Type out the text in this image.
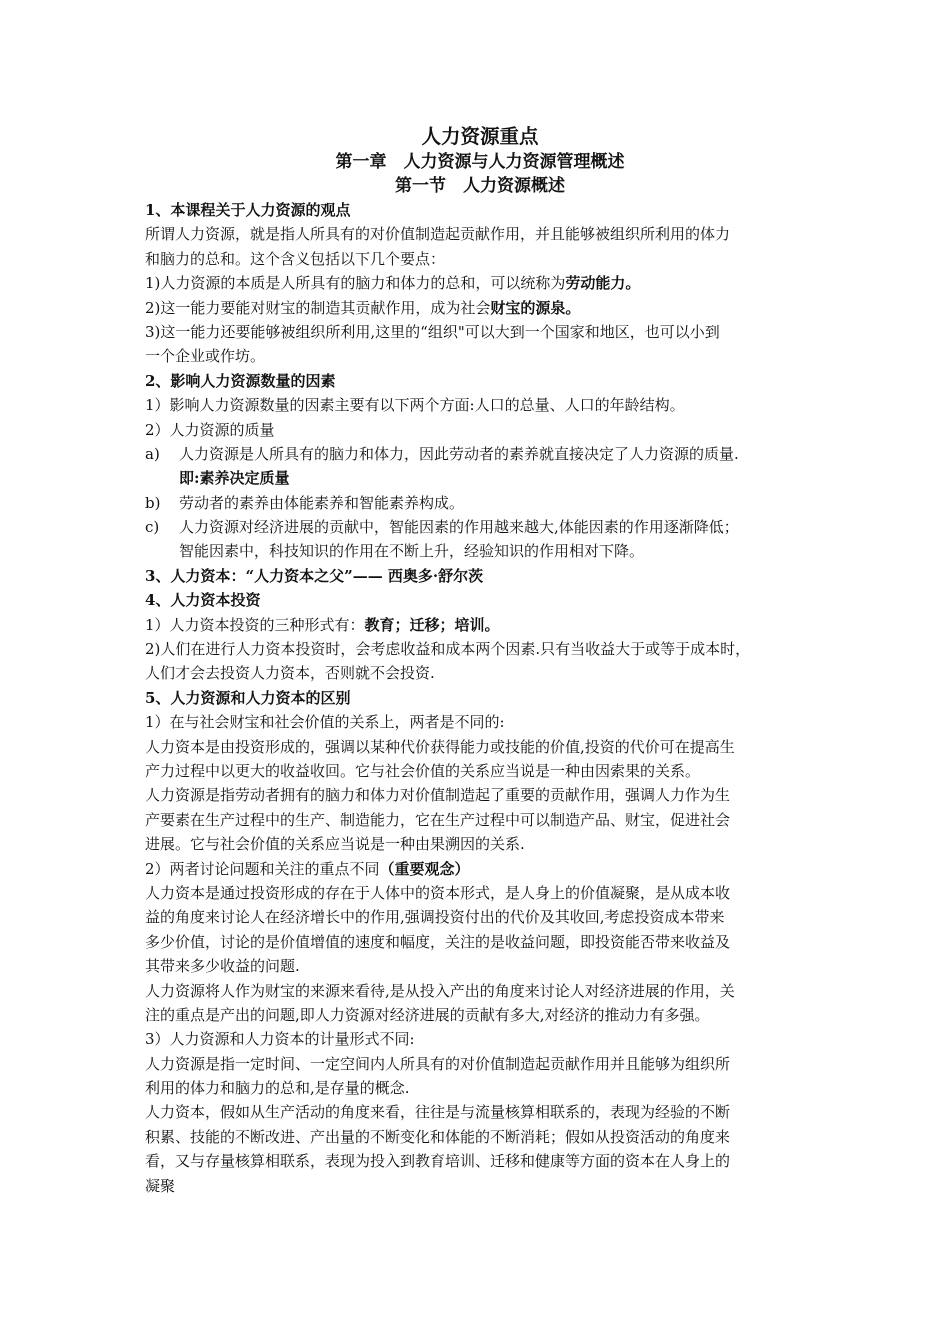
人力资源重点
第一章　人力资源与人力资源管理概述
第一节　人力资源概述
1、本课程关于人力资源的观点
所谓人力资源，就是指人所具有的对价值制造起贡献作用，并且能够被组织所利用的体力
和脑力的总和。这个含义包括以下几个要点：
1)人力资源的本质是人所具有的脑力和体力的总和，可以统称为劳动能力。
2)这一能力要能对财宝的制造其贡献作用，成为社会财宝的源泉。
3)这一能力还要能够被组织所利用,这里的“组织"可以大到一个国家和地区，也可以小到
一个企业或作坊。
2、影响人力资源数量的因素
1）影响人力资源数量的因素主要有以下两个方面:人口的总量、人口的年龄结构。
2）人力资源的质量
a) 人力资源是人所具有的脑力和体力，因此劳动者的素养就直接决定了人力资源的质量.
即:素养决定质量
b) 劳动者的素养由体能素养和智能素养构成。
c) 人力资源对经济进展的贡献中，智能因素的作用越来越大,体能因素的作用逐渐降低；
智能因素中，科技知识的作用在不断上升，经验知识的作用相对下降。
3、人力资本：“人力资本之父”—— 西奥多·舒尔茨
4、人力资本投资
1）人力资本投资的三种形式有：教育；迁移；培训。
2)人们在进行人力资本投资时，会考虑收益和成本两个因素.只有当收益大于或等于成本时，
人们才会去投资人力资本，否则就不会投资.
5、人力资源和人力资本的区别
1）在与社会财宝和社会价值的关系上，两者是不同的:
人力资本是由投资形成的，强调以某种代价获得能力或技能的价值,投资的代价可在提高生
产力过程中以更大的收益收回。它与社会价值的关系应当说是一种由因索果的关系。
人力资源是指劳动者拥有的脑力和体力对价值制造起了重要的贡献作用，强调人力作为生
产要素在生产过程中的生产、制造能力，它在生产过程中可以制造产品、财宝，促进社会
进展。它与社会价值的关系应当说是一种由果溯因的关系.
2）两者讨论问题和关注的重点不同（重要观念）
人力资本是通过投资形成的存在于人体中的资本形式，是人身上的价值凝聚，是从成本收
益的角度来讨论人在经济增长中的作用,强调投资付出的代价及其收回,考虑投资成本带来
多少价值，讨论的是价值增值的速度和幅度，关注的是收益问题，即投资能否带来收益及
其带来多少收益的问题.
人力资源将人作为财宝的来源来看待,是从投入产出的角度来讨论人对经济进展的作用，关
注的重点是产出的问题,即人力资源对经济进展的贡献有多大,对经济的推动力有多强。
3）人力资源和人力资本的计量形式不同:
人力资源是指一定时间、一定空间内人所具有的对价值制造起贡献作用并且能够为组织所
利用的体力和脑力的总和,是存量的概念.
人力资本，假如从生产活动的角度来看，往往是与流量核算相联系的，表现为经验的不断
积累、技能的不断改进、产出量的不断变化和体能的不断消耗；假如从投资活动的角度来
看，又与存量核算相联系，表现为投入到教育培训、迁移和健康等方面的资本在人身上的
凝聚
